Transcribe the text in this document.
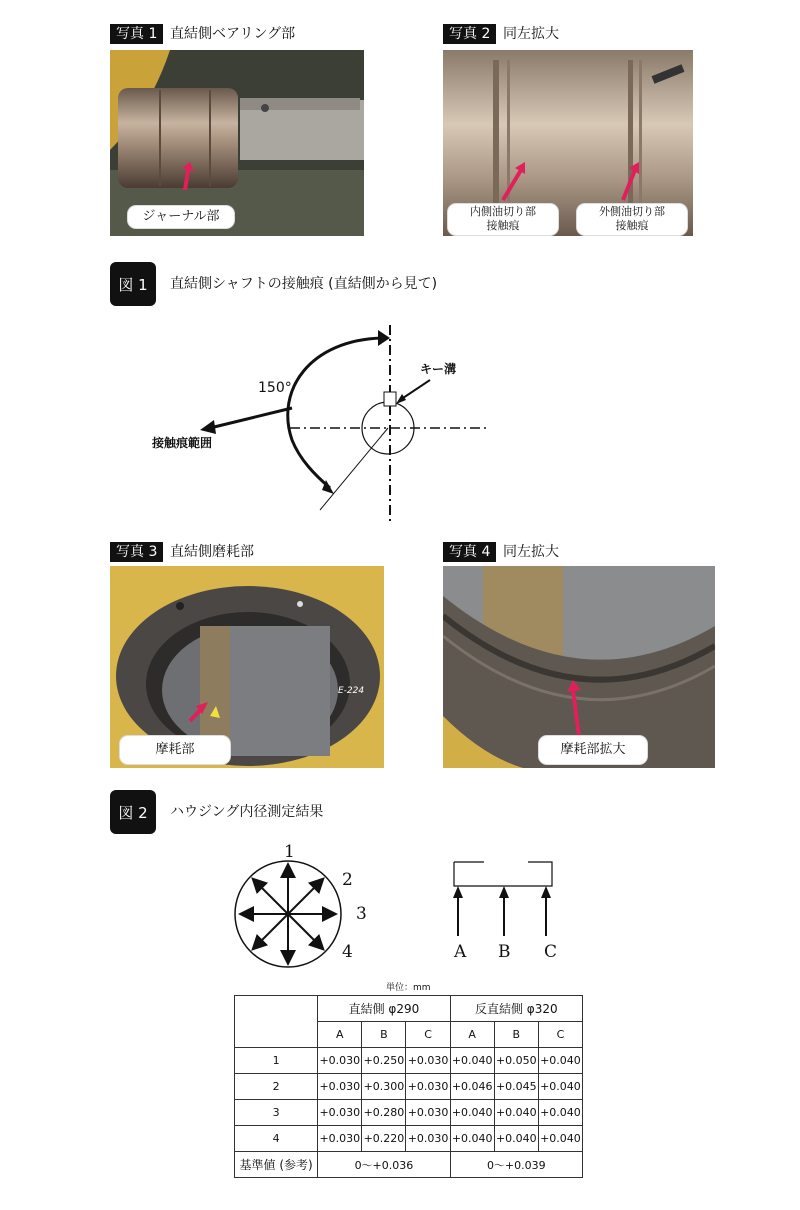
写真 1 直結側ベアリング部
ジャーナル部
写真 2 同左拡大
内側油切り部
接触痕
外側油切り部
接触痕
図 1	直結側シャフトの接触痕 (直結側から見て)
150°
キー溝
接触痕範囲
写真 3 直結側磨耗部
E-224
摩耗部
写真 4 同左拡大
摩耗部拡大
図 2	ハウジング内径測定結果
1
2
3
4	A B C
単位：mm
	直結側 φ290			反直結側 φ320		
	A	B	C	A	B	C
1	+0.030	+0.250	+0.030	+0.040	+0.050	+0.040
2	+0.030	+0.300	+0.030	+0.046	+0.045	+0.040
3	+0.030	+0.280	+0.030	+0.040	+0.040	+0.040
4	+0.030	+0.220	+0.030	+0.040	+0.040	+0.040
基準値 (参考)	0〜+0.036			0〜+0.039		
